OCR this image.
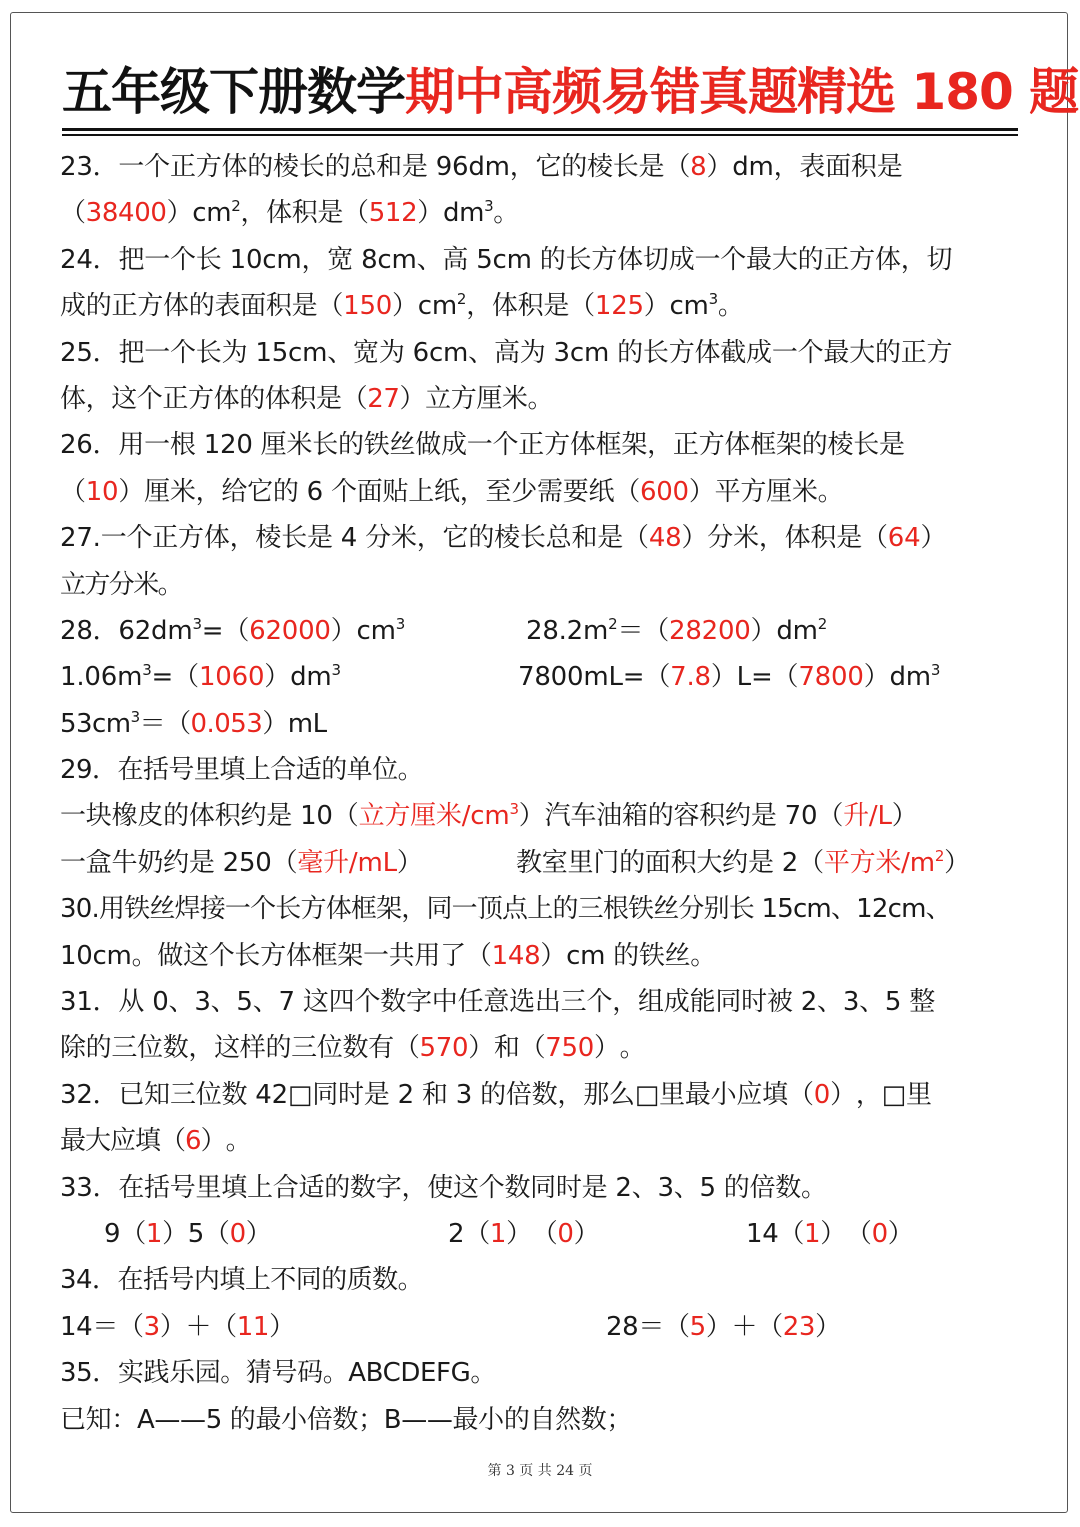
五年级下册数学期中高频易错真题精选 180 题
23．一个正方体的棱长的总和是 96dm，它的棱长是（8）dm，表面积是
$(38400)cm^2$，体积是$(512)dm^3$。
24．把一个长 10cm，宽 8cm、高 5cm 的长方体切成一个最大的正方体，切
成的正方体的表面积是$(150)cm^2$，体积是$(125)cm^3$。
25．把一个长为 15cm、宽为 6cm、高为 3cm 的长方体截成一个最大的正方
体，这个正方体的体积是（27）立方厘米。
26．用一根 120 厘米长的铁丝做成一个正方体框架，正方体框架的棱长是
（10）厘米，给它的 6 个面贴上纸，至少需要纸（600）平方厘米。
27.一个正方体，棱长是 4 分米，它的棱长总和是（48）分米，体积是（64）
立方分米。
28．$62dm^3=(62000)cm^3$	$28.2m^2=(28200)dm^2$
$1.06m^3=(1060)dm^3$	$7800mL=(7.8)L=(7800)dm^3$
$53cm^3=(0.053)mL$
29．在括号里填上合适的单位。
一块橡皮的体积约是 10（立方厘米$/cm^3$）汽车油箱的容积约是 70（升/L）
一盒牛奶约是 250（毫升/mL）	教室里门的面积大约是 2（平方米$/m^2$）
30.用铁丝焊接一个长方体框架，同一顶点上的三根铁丝分别长 15cm、12cm、
10cm。做这个长方体框架一共用了（148）cm 的铁丝。
31．从 0、3、5、7 这四个数字中任意选出三个，组成能同时被 2、3、5 整
除的三位数，这样的三位数有（570）和（750）。
32．已知三位数 42□同时是 2 和 3 的倍数，那么□里最小应填（0），□里
最大应填（6）。
33．在括号里填上合适的数字，使这个数同时是 2、3、5 的倍数。
9（1）5（0）	2（1）（0）	14（1）（0）
34．在括号内填上不同的质数。
14＝（3）＋（11）	28＝（5）＋（23）
35．实践乐园。猜号码。ABCDEFG。
已知：A——5 的最小倍数；B——最小的自然数；
第 3 页 共 24 页
